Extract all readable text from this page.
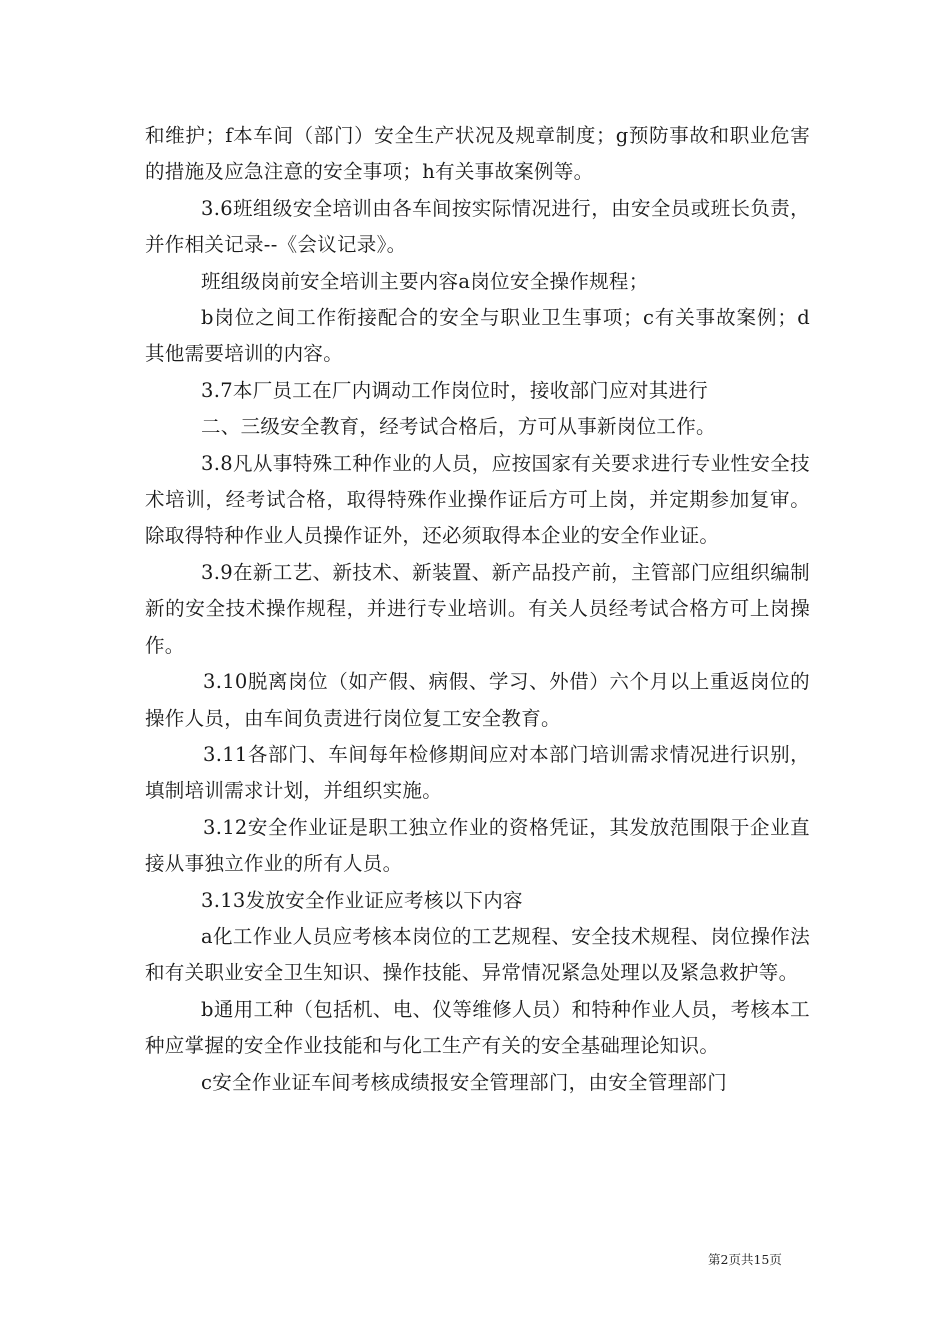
和维护；f本车间（部门）安全生产状况及规章制度；g预防事故和职业危害的措施及应急注意的安全事项；h有关事故案例等。

3.6班组级安全培训由各车间按实际情况进行，由安全员或班长负责，并作相关记录--《会议记录》。

班组级岗前安全培训主要内容a岗位安全操作规程；

b岗位之间工作衔接配合的安全与职业卫生事项；c有关事故案例；d其他需要培训的内容。

3.7本厂员工在厂内调动工作岗位时，接收部门应对其进行

二、三级安全教育，经考试合格后，方可从事新岗位工作。

3.8凡从事特殊工种作业的人员，应按国家有关要求进行专业性安全技术培训，经考试合格，取得特殊作业操作证后方可上岗，并定期参加复审。除取得特种作业人员操作证外，还必须取得本企业的安全作业证。

3.9在新工艺、新技术、新装置、新产品投产前，主管部门应组织编制新的安全技术操作规程，并进行专业培训。有关人员经考试合格方可上岗操作。

3.10脱离岗位（如产假、病假、学习、外借）六个月以上重返岗位的操作人员，由车间负责进行岗位复工安全教育。

3.11各部门、车间每年检修期间应对本部门培训需求情况进行识别，填制培训需求计划，并组织实施。

3.12安全作业证是职工独立作业的资格凭证，其发放范围限于企业直接从事独立作业的所有人员。

3.13发放安全作业证应考核以下内容

a化工作业人员应考核本岗位的工艺规程、安全技术规程、岗位操作法和有关职业安全卫生知识、操作技能、异常情况紧急处理以及紧急救护等。

b通用工种（包括机、电、仪等维修人员）和特种作业人员，考核本工种应掌握的安全作业技能和与化工生产有关的安全基础理论知识。

c安全作业证车间考核成绩报安全管理部门，由安全管理部门

第2页共15页
